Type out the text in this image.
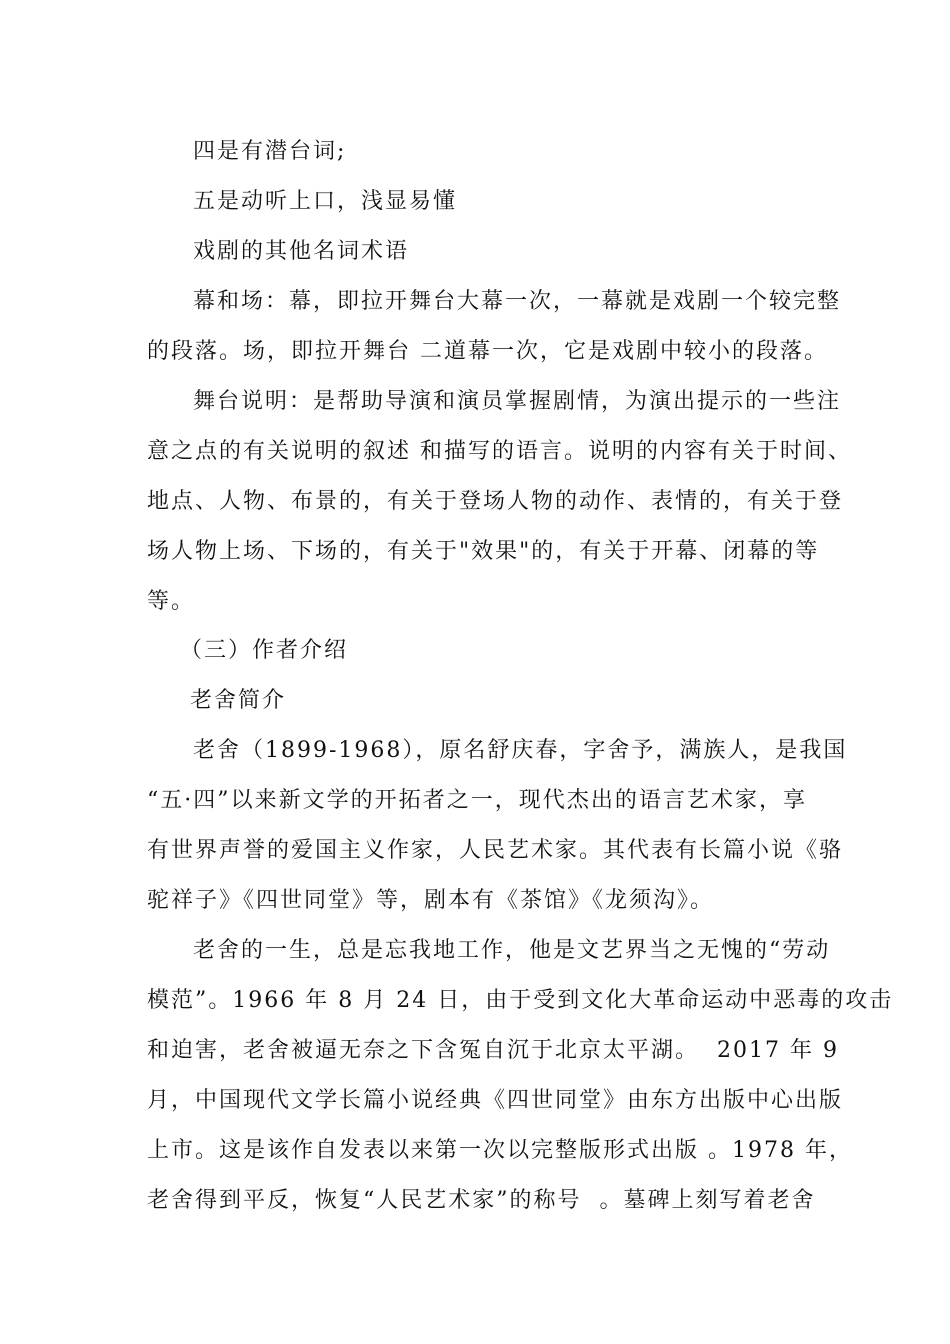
四是有潜台词;
五是动听上口，浅显易懂
戏剧的其他名词术语
幕和场：幕，即拉开舞台大幕一次，一幕就是戏剧一个较完整
的段落。场，即拉开舞台 二道幕一次，它是戏剧中较小的段落。
舞台说明：是帮助导演和演员掌握剧情，为演出提示的一些注
意之点的有关说明的叙述 和描写的语言。说明的内容有关于时间、
地点、人物、布景的，有关于登场人物的动作、表情的，有关于登
场人物上场、下场的，有关于"效果"的，有关于开幕、闭幕的等
等。
（三）作者介绍
老舍简介
老舍（1899-1968），原名舒庆春，字舍予，满族人，是我国
“五·四”以来新文学的开拓者之一，现代杰出的语言艺术家，享
有世界声誉的爱国主义作家，人民艺术家。其代表有长篇小说《骆
驼祥子》《四世同堂》等，剧本有《茶馆》《龙须沟》。
老舍的一生，总是忘我地工作，他是文艺界当之无愧的“劳动
模范”。1966 年 8 月 24 日，由于受到文化大革命运动中恶毒的攻击
和迫害，老舍被逼无奈之下含冤自沉于北京太平湖。  2017 年 9
月，中国现代文学长篇小说经典《四世同堂》由东方出版中心出版
上市。这是该作自发表以来第一次以完整版形式出版 。1978 年，
老舍得到平反，恢复“人民艺术家”的称号  。墓碑上刻写着老舍
